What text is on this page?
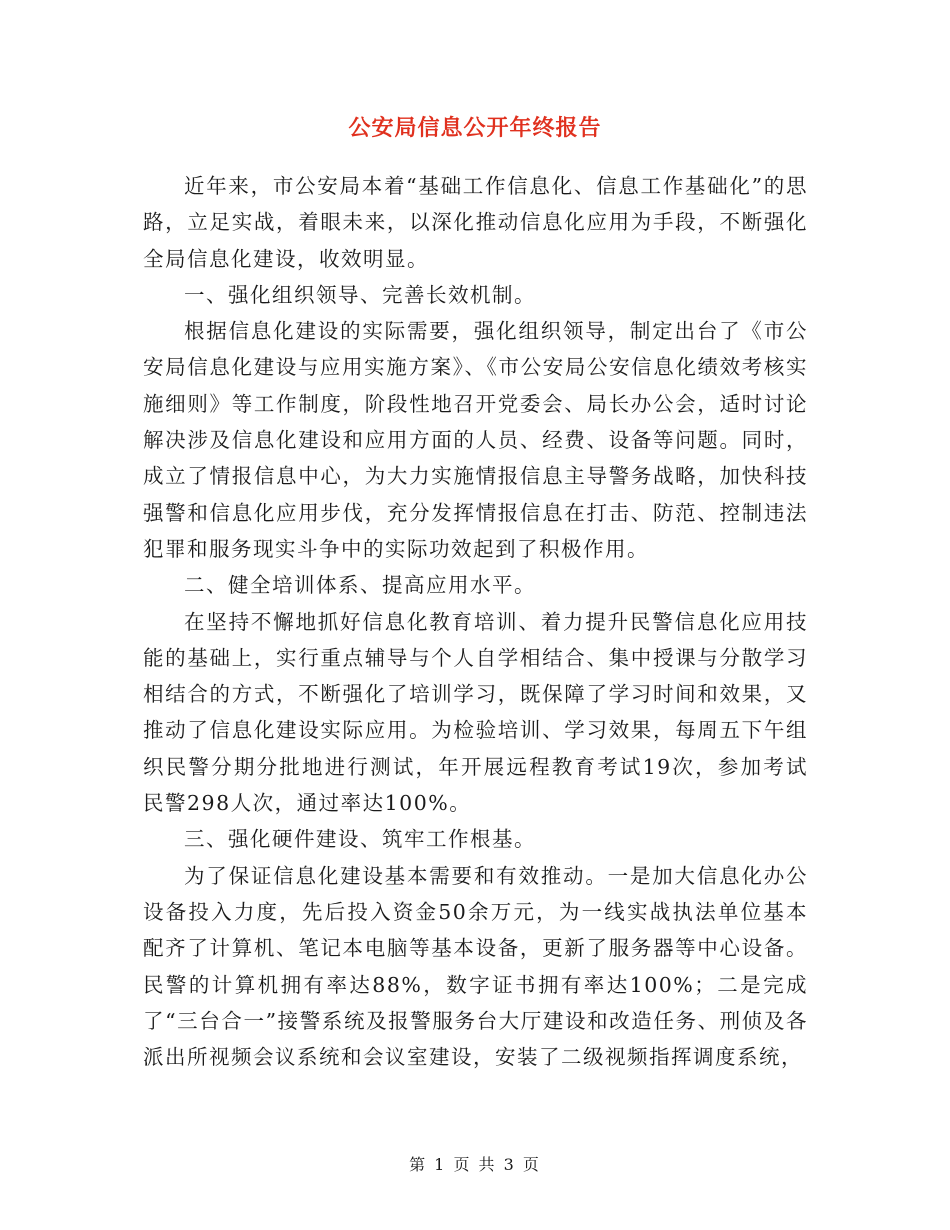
公安局信息公开年终报告

近年来，市公安局本着“基础工作信息化、信息工作基础化”的思路，立足实战，着眼未来，以深化推动信息化应用为手段，不断强化全局信息化建设，收效明显。

一、强化组织领导、完善长效机制。

根据信息化建设的实际需要，强化组织领导，制定出台了《市公安局信息化建设与应用实施方案》、《市公安局公安信息化绩效考核实施细则》等工作制度，阶段性地召开党委会、局长办公会，适时讨论解决涉及信息化建设和应用方面的人员、经费、设备等问题。同时，成立了情报信息中心，为大力实施情报信息主导警务战略，加快科技强警和信息化应用步伐，充分发挥情报信息在打击、防范、控制违法犯罪和服务现实斗争中的实际功效起到了积极作用。

二、健全培训体系、提高应用水平。

在坚持不懈地抓好信息化教育培训、着力提升民警信息化应用技能的基础上，实行重点辅导与个人自学相结合、集中授课与分散学习相结合的方式，不断强化了培训学习，既保障了学习时间和效果，又推动了信息化建设实际应用。为检验培训、学习效果，每周五下午组织民警分期分批地进行测试，年开展远程教育考试19次，参加考试民警298人次，通过率达100%。

三、强化硬件建设、筑牢工作根基。

为了保证信息化建设基本需要和有效推动。一是加大信息化办公设备投入力度，先后投入资金50余万元，为一线实战执法单位基本配齐了计算机、笔记本电脑等基本设备，更新了服务器等中心设备。民警的计算机拥有率达88%，数字证书拥有率达100%；二是完成了“三台合一”接警系统及报警服务台大厅建设和改造任务、刑侦及各派出所视频会议系统和会议室建设，安装了二级视频指挥调度系统，

第 1 页 共 3 页
